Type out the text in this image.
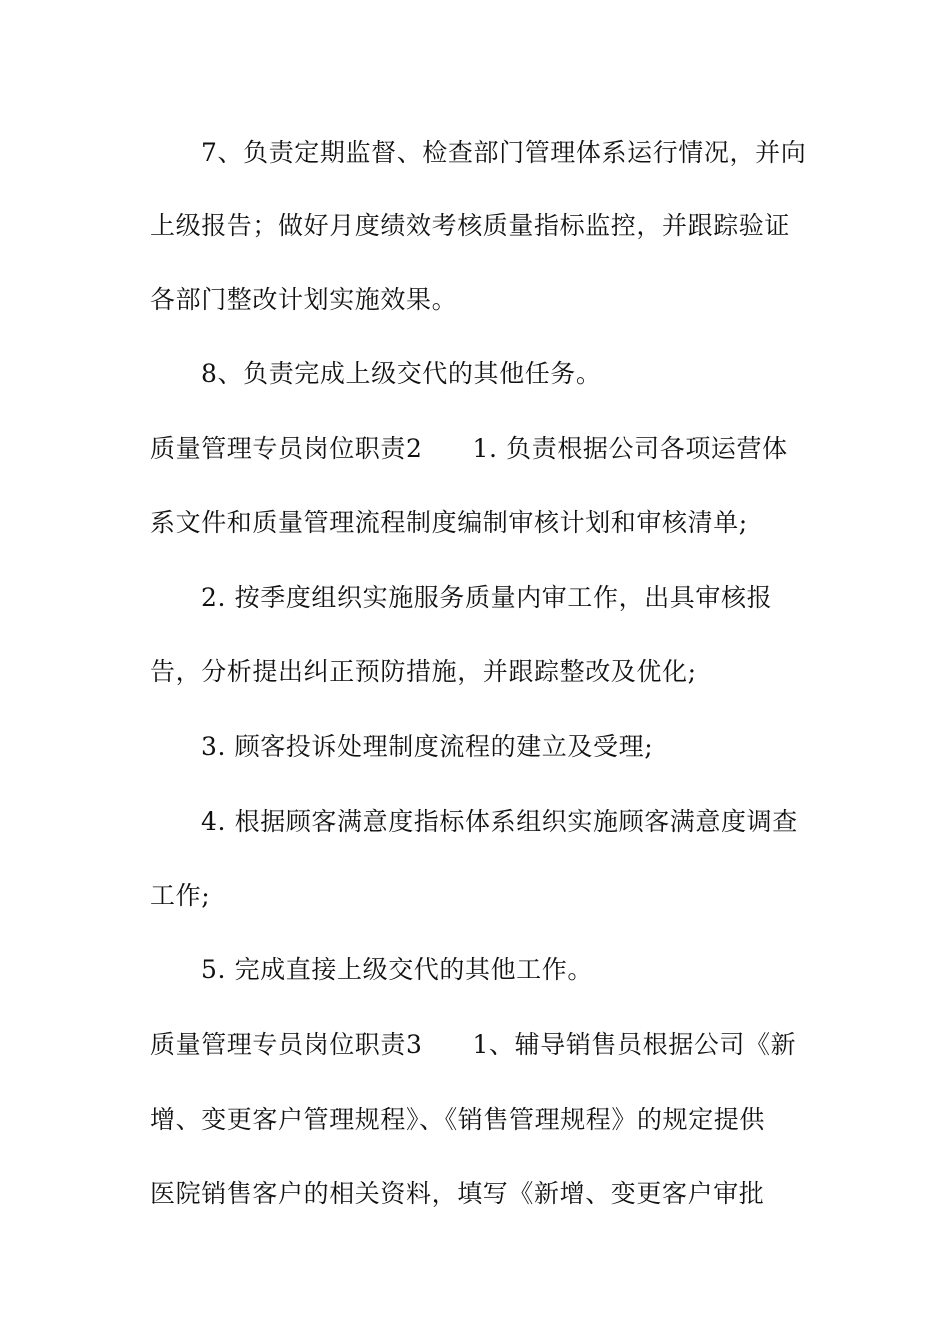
7、负责定期监督、检查部门管理体系运行情况，并向
上级报告；做好月度绩效考核质量指标监控，并跟踪验证
各部门整改计划实施效果。
8、负责完成上级交代的其他任务。
质量管理专员岗位职责2 1. 负责根据公司各项运营体
系文件和质量管理流程制度编制审核计划和审核清单;
2. 按季度组织实施服务质量内审工作，出具审核报
告，分析提出纠正预防措施，并跟踪整改及优化;
3. 顾客投诉处理制度流程的建立及受理;
4. 根据顾客满意度指标体系组织实施顾客满意度调查
工作;
5. 完成直接上级交代的其他工作。
质量管理专员岗位职责3 1、辅导销售员根据公司《新
增、变更客户管理规程》、《销售管理规程》的规定提供
医院销售客户的相关资料，填写《新增、变更客户审批
